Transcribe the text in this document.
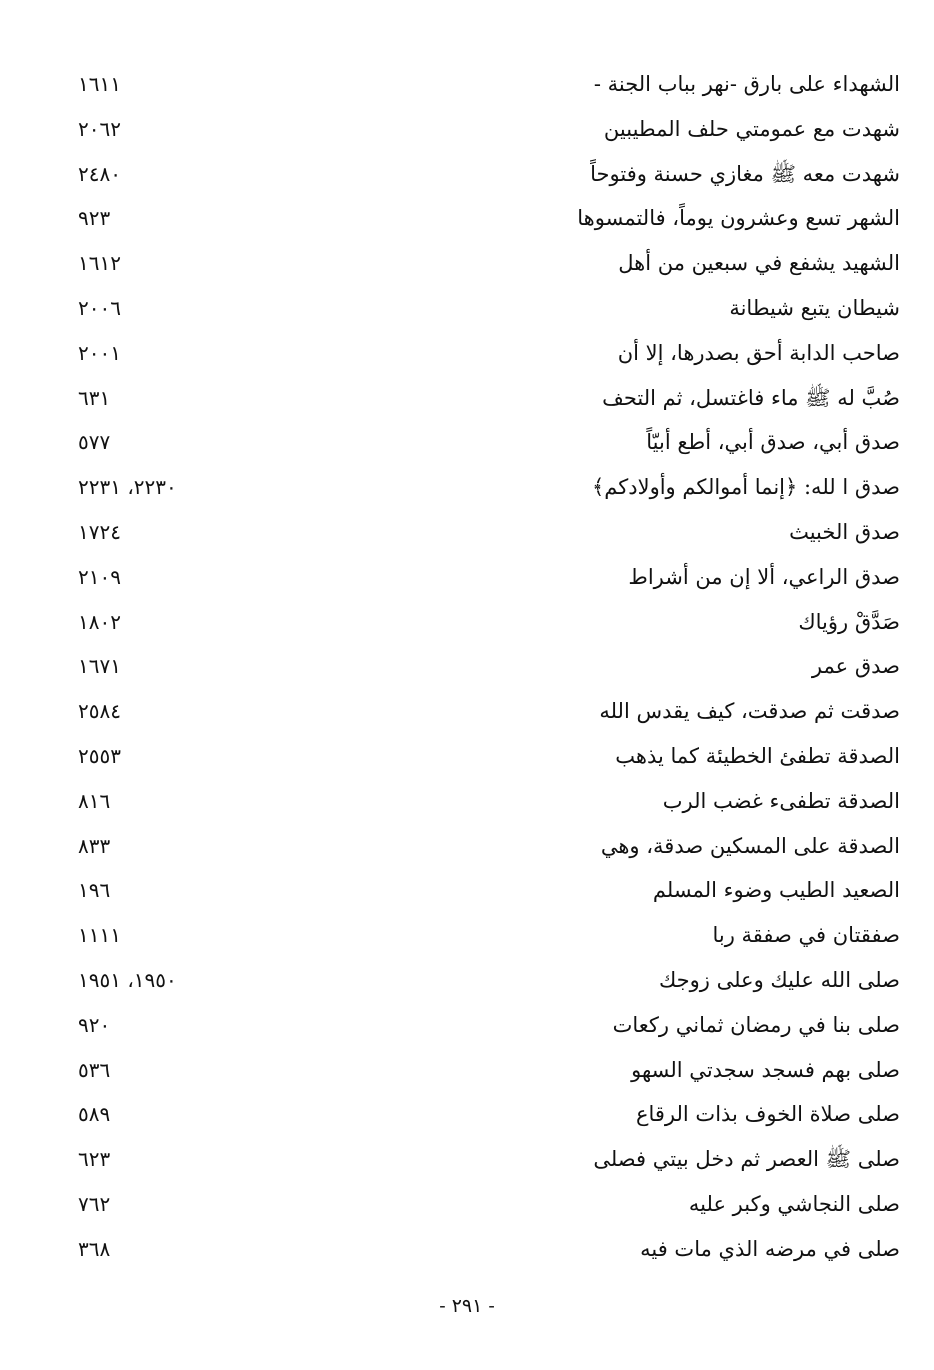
الشهداء على بارق -نهر بباب الجنة -
١٦١١
شهدت مع عمومتي حلف المطيبين
٢٠٦٢
شهدت معه ﷺ مغازي حسنة وفتوحاً
٢٤٨٠
الشهر تسع وعشرون يوماً، فالتمسوها
٩٢٣
الشهيد يشفع في سبعين من أهل
١٦١٢
شيطان يتبع شيطانة
٢٠٠٦
صاحب الدابة أحق بصدرها، إلا أن
٢٠٠١
صُبَّ له ﷺ ماء فاغتسل، ثم التحف
٦٣١
صدق أبي، صدق أبي، أطع أبيّاً
٥٧٧
صدق ا لله: ﴿إنما أموالكم وأولادكم﴾
٢٢٣٠، ٢٢٣١
صدق الخبيث
١٧٢٤
صدق الراعي، ألا إن من أشراط
٢١٠٩
صَدَّقْ رؤياك
١٨٠٢
صدق عمر
١٦٧١
صدقت ثم صدقت، كيف يقدس الله
٢٥٨٤
الصدقة تطفئ الخطيئة كما يذهب
٢٥٥٣
الصدقة تطفىء غضب الرب
٨١٦
الصدقة على المسكين صدقة، وهي
٨٣٣
الصعيد الطيب وضوء المسلم
١٩٦
صفقتان في صفقة ربا
١١١١
صلى الله عليك وعلى زوجك
١٩٥٠، ١٩٥١
صلى بنا في رمضان ثماني ركعات
٩٢٠
صلى بهم فسجد سجدتي السهو
٥٣٦
صلى صلاة الخوف بذات الرقاع
٥٨٩
صلى ﷺ العصر ثم دخل بيتي فصلى
٦٢٣
صلى النجاشي وكبر عليه
٧٦٢
صلى في مرضه الذي مات فيه
٣٦٨
- ٢٩١ -
